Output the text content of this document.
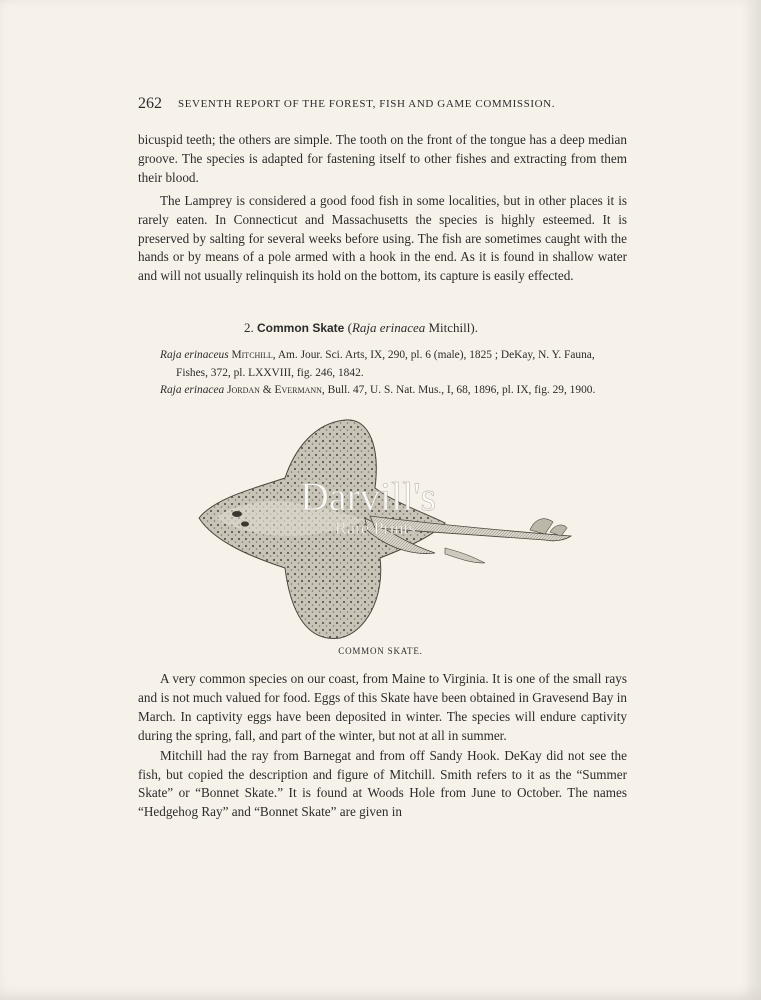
262 SEVENTH REPORT OF THE FOREST, FISH AND GAME COMMISSION.

bicuspid teeth; the others are simple. The tooth on the front of the tongue has a deep median groove. The species is adapted for fastening itself to other fishes and extracting from them their blood.

The Lamprey is considered a good food fish in some localities, but in other places it is rarely eaten. In Connecticut and Massachusetts the species is highly esteemed. It is preserved by salting for several weeks before using. The fish are sometimes caught with the hands or by means of a pole armed with a hook in the end. As it is found in shallow water and will not usually relinquish its hold on the bottom, its capture is easily effected.

2. Common Skate (Raja erinacea Mitchill).

Raja erinaceus Mitchill, Am. Jour. Sci. Arts, IX, 290, pl. 6 (male), 1825 ; DeKay, N. Y. Fauna, Fishes, 372, pl. LXXVIII, fig. 246, 1842.

Raja erinacea Jordan & Evermann, Bull. 47, U. S. Nat. Mus., I, 68, 1896, pl. IX, fig. 29, 1900.

Darvill's
Rare Prints
COMMON SKATE.

A very common species on our coast, from Maine to Virginia. It is one of the small rays and is not much valued for food. Eggs of this Skate have been obtained in Gravesend Bay in March. In captivity eggs have been deposited in winter. The species will endure captivity during the spring, fall, and part of the winter, but not at all in summer.

Mitchill had the ray from Barnegat and from off Sandy Hook. DeKay did not see the fish, but copied the description and figure of Mitchill. Smith refers to it as the “Summer Skate” or “Bonnet Skate.” It is found at Woods Hole from June to October. The names “Hedgehog Ray” and “Bonnet Skate” are given in
